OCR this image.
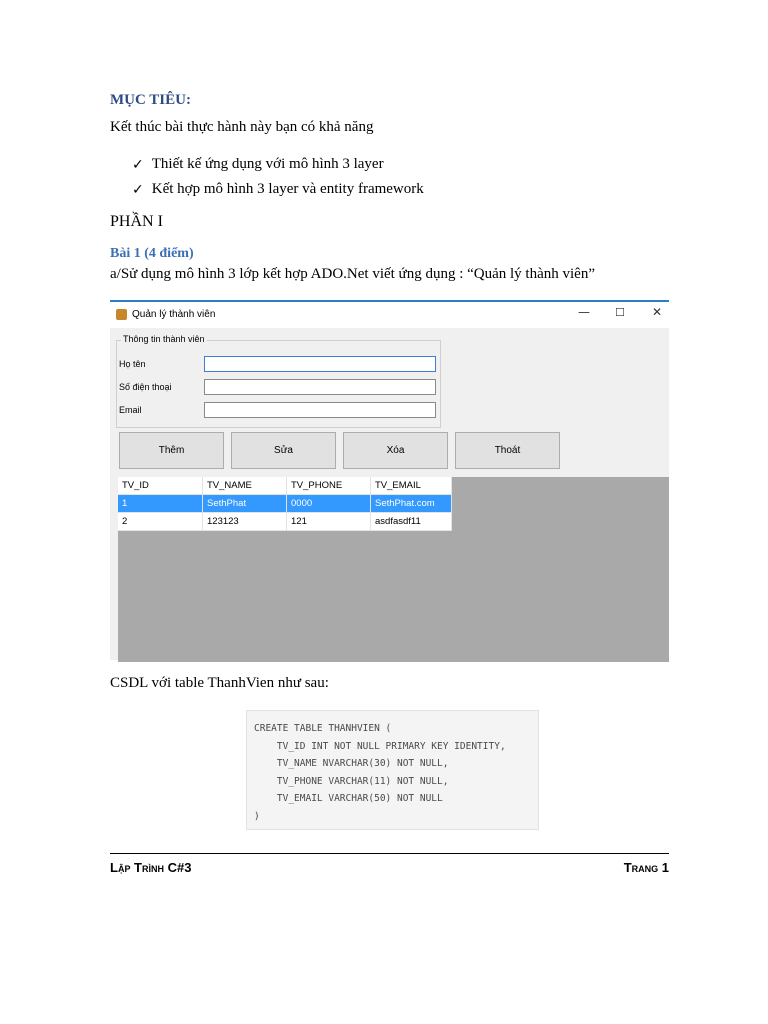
MỤC TIÊU:
Kết thúc bài thực hành này bạn có khả năng
✓ Thiết kế ứng dụng với mô hình 3 layer
✓ Kết hợp mô hình 3 layer và entity framework
PHẦN I
Bài 1 (4 điểm)
a/Sử dụng mô hình 3 lớp kết hợp ADO.Net viết ứng dụng : “Quản lý thành viên”
Quản lý thành viên	— ☐ ✕
Thông tin thành viên
Họ tên
Số điện thoại
Email
Thêm	Sửa	Xóa	Thoát
TV_ID	TV_NAME	TV_PHONE	TV_EMAIL
1	SethPhat	0000	SethPhat.com
2	123123	121	asdfasdf11
CSDL với table ThanhVien như sau:
CREATE TABLE THANHVIEN (
TV_ID INT NOT NULL PRIMARY KEY IDENTITY,
TV_NAME NVARCHAR(30) NOT NULL,
TV_PHONE VARCHAR(11) NOT NULL,
TV_EMAIL VARCHAR(50) NOT NULL
)
Lập Trình C#3	Trang 1
